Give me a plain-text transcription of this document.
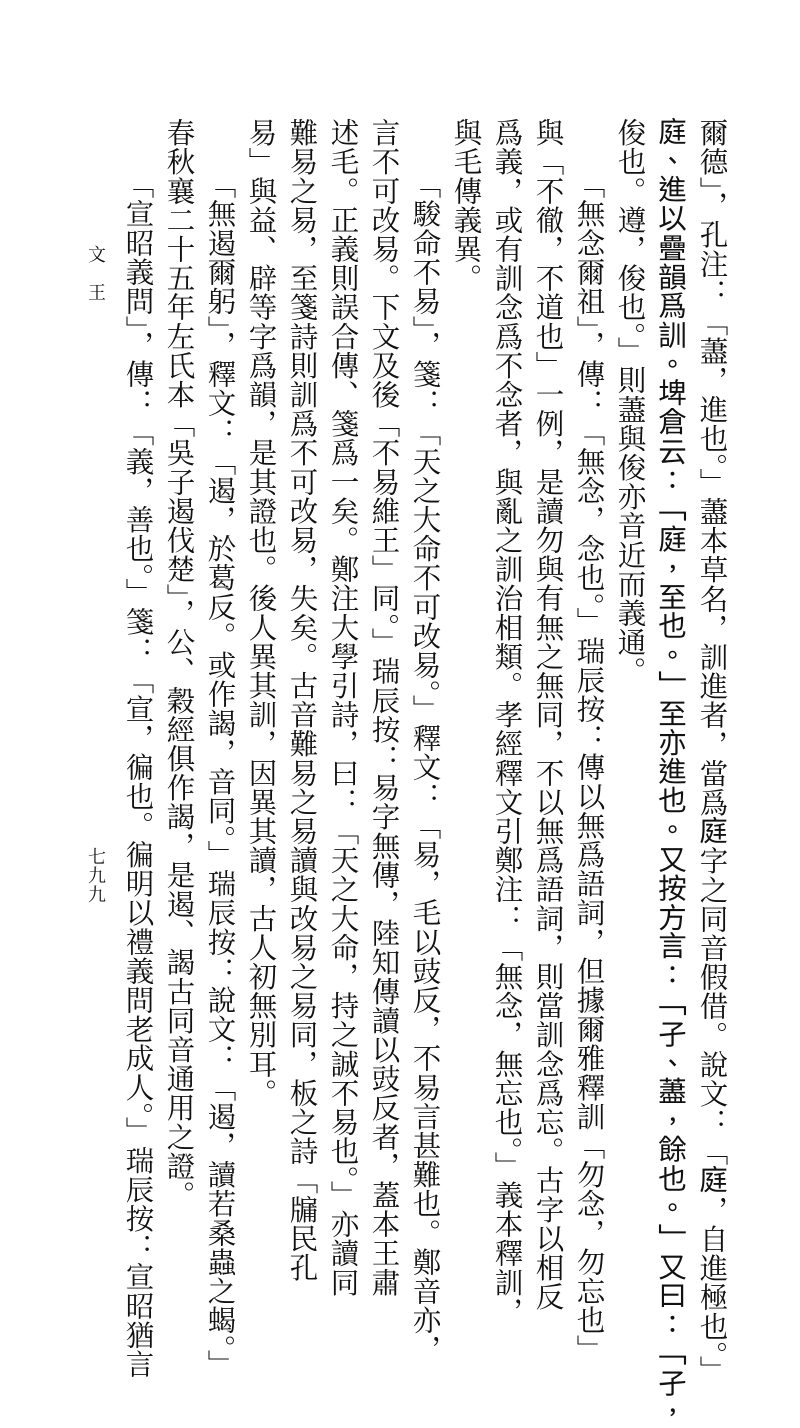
爾德」，孔注：「藎，進也。」藎本草名，訓進者，當爲𨓍字之同音假借。說文：「𨓍，自進極也。」
𨓍、進以疊韻爲訓。埤倉云：「𨓍，至也。」至亦進也。又按方言：「孑、藎，餘也。」又曰：「孑，
俊也。遵，俊也。」則藎與俊亦音近而義通。
「無念爾祖」，傳：「無念，念也。」瑞辰按：傳以無爲語詞，但據爾雅釋訓「勿念，勿忘也」
與「不徹，不道也」一例，是讀勿與有無之無同，不以無爲語詞，則當訓念爲忘。古字以相反
爲義，或有訓念爲不念者，與亂之訓治相類。孝經釋文引鄭注：「無念，無忘也。」義本釋訓，
與毛傳義異。
「駿命不易」，箋：「天之大命不可改易。」釋文：「易，毛以豉反，不易言甚難也。鄭音亦，
言不可改易。下文及後「不易維王」同。」瑞辰按：易字無傳，陸知傳讀以豉反者，蓋本王肅
述毛。正義則誤合傳、箋爲一矣。鄭注大學引詩，曰：「天之大命，持之誠不易也。」亦讀同
難易之易，至箋詩則訓爲不可改易，失矣。古音難易之易讀與改易之易同，板之詩「牖民孔
易」與益、辟等字爲韻，是其證也。後人異其訓，因異其讀，古人初無別耳。
「無遏爾躬」，釋文：「遏，於葛反。或作謁，音同。」瑞辰按：說文：「遏，讀若桑蟲之蝎。」
春秋襄二十五年左氏本「吳子遏伐楚」，公、穀經俱作謁，是遏、謁古同音通用之證。
「宣昭義問」，傳：「義，善也。」箋：「宣，徧也。徧明以禮義問老成人。」瑞辰按：宣昭猶言
文王
七九九
